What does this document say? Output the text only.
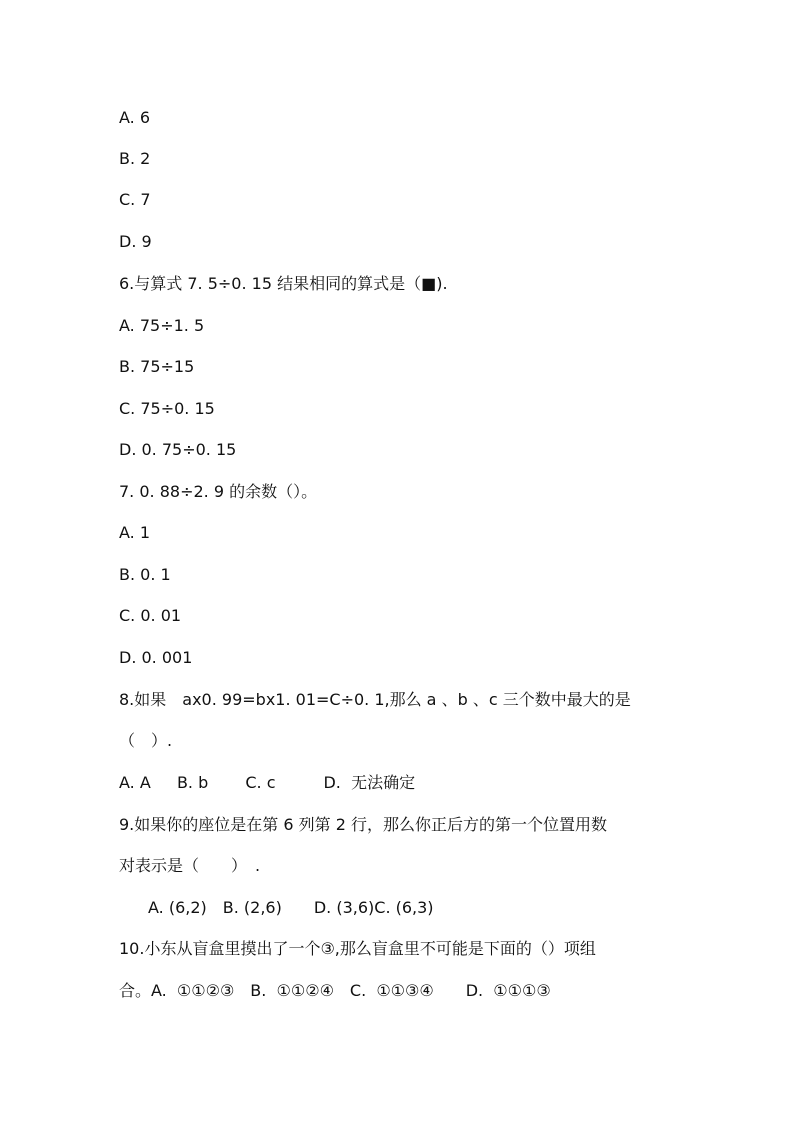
A. 6
B. 2
C. 7
D. 9
6.与算式 7. 5÷0. 15 结果相同的算式是（■).
A. 75÷1. 5
B. 75÷15
C. 75÷0. 15
D. 0. 75÷0. 15
7. 0. 88÷2. 9 的余数（）。
A. 1
B. 0. 1
C. 0. 01
D. 0. 001
8.如果　ax0. 99=bx1. 01=C÷0. 1,那么 a 、b 、c 三个数中最大的是
（　）.
A. A　  B. b　　 C. c　　　D.  无法确定
9.如果你的座位是在第 6 列第 2 行，那么你正后方的第一个位置用数
对表示是（　　）　.
A. (6,2)　B. (2,6)　　D. (3,6)C. (6,3)
10.小东从盲盒里摸出了一个③,那么盲盒里不可能是下面的（）项组
合。A.  ①①②③　B.  ①①②④　C.  ①①③④　　D.  ①①①③
